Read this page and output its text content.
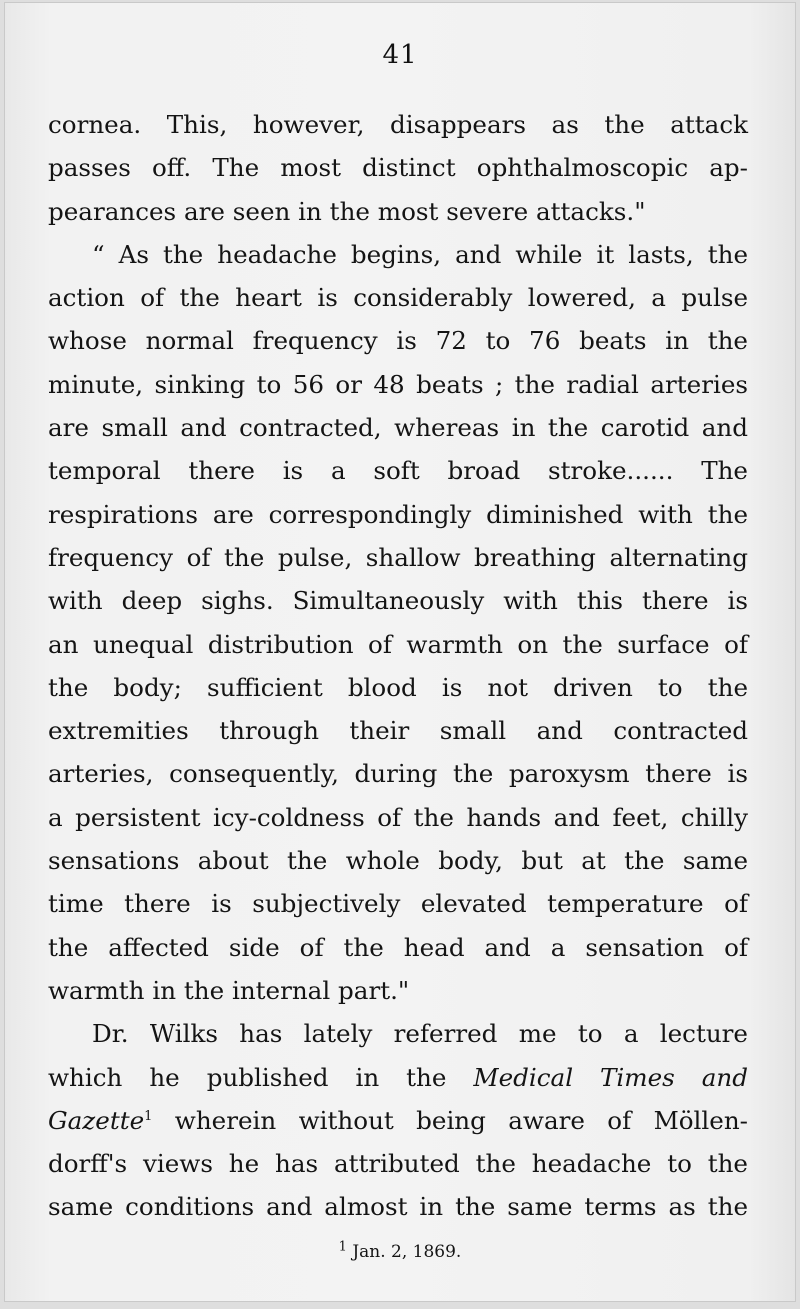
41
cornea. This, however, disappears as the attack
passes off. The most distinct ophthalmoscopic ap-
pearances are seen in the most severe attacks."
“ As the headache begins, and while it lasts, the
action of the heart is considerably lowered, a pulse
whose normal frequency is 72 to 76 beats in the
minute, sinking to 56 or 48 beats ; the radial arteries
are small and contracted, whereas in the carotid and
temporal there is a soft broad stroke...... The
respirations are correspondingly diminished with the
frequency of the pulse, shallow breathing alternating
with deep sighs. Simultaneously with this there is
an unequal distribution of warmth on the surface of
the body; sufficient blood is not driven to the
extremities through their small and contracted
arteries, consequently, during the paroxysm there is
a persistent icy-coldness of the hands and feet, chilly
sensations about the whole body, but at the same
time there is subjectively elevated temperature of
the affected side of the head and a sensation of
warmth in the internal part."
Dr. Wilks has lately referred me to a lecture
which he published in the Medical Times and
Gazette$^1$ wherein without being aware of Möllen-
dorff's views he has attributed the headache to the
same conditions and almost in the same terms as the
$^1$ Jan. 2, 1869.
